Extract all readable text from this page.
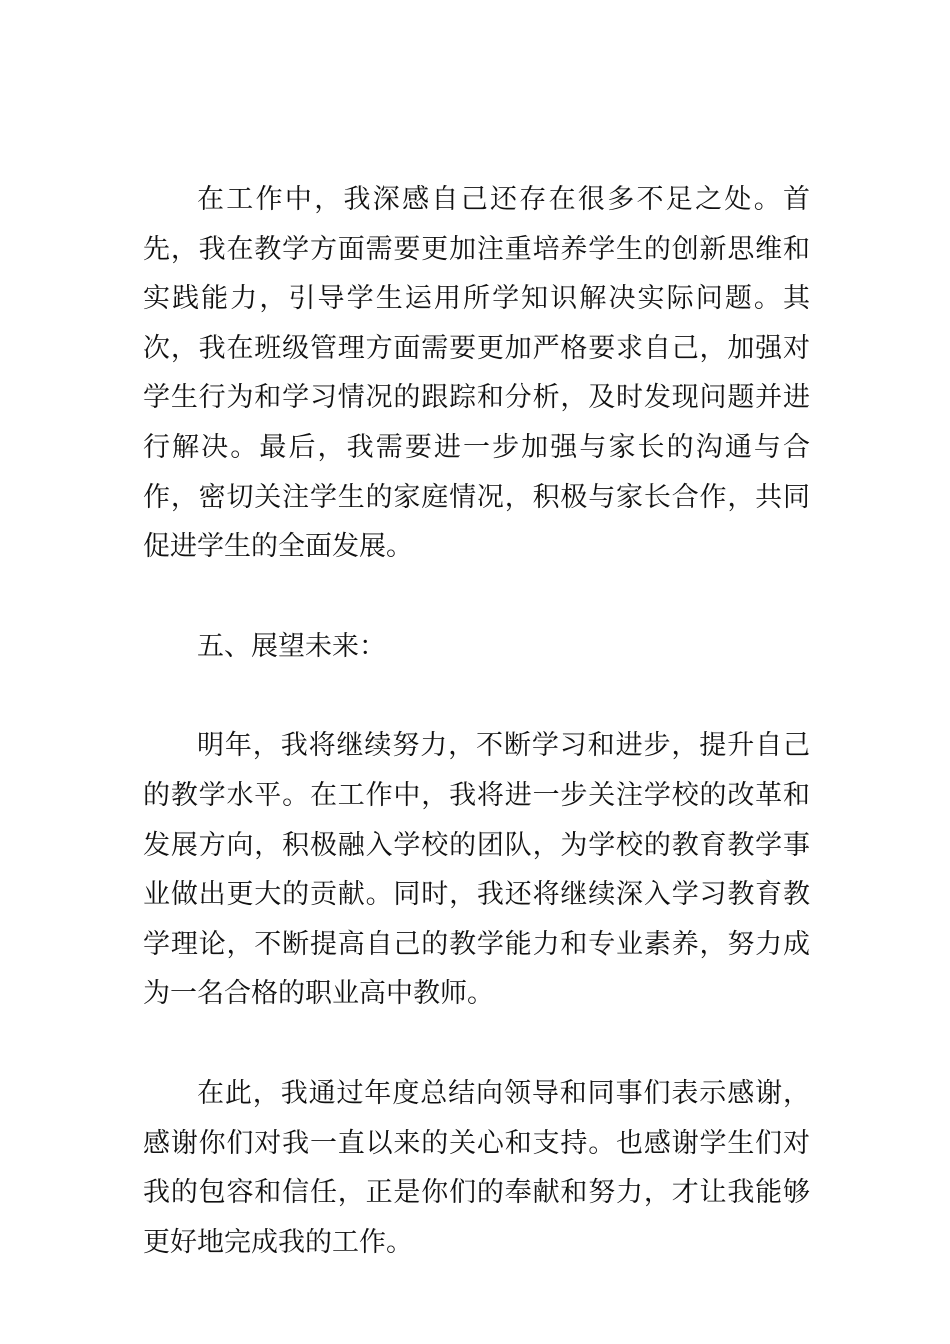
在工作中，我深感自己还存在很多不足之处。首先，我在教学方面需要更加注重培养学生的创新思维和实践能力，引导学生运用所学知识解决实际问题。其次，我在班级管理方面需要更加严格要求自己，加强对学生行为和学习情况的跟踪和分析，及时发现问题并进行解决。最后，我需要进一步加强与家长的沟通与合作，密切关注学生的家庭情况，积极与家长合作，共同促进学生的全面发展。

五、展望未来：

明年，我将继续努力，不断学习和进步，提升自己的教学水平。在工作中，我将进一步关注学校的改革和发展方向，积极融入学校的团队，为学校的教育教学事业做出更大的贡献。同时，我还将继续深入学习教育教学理论，不断提高自己的教学能力和专业素养，努力成为一名合格的职业高中教师。

在此，我通过年度总结向领导和同事们表示感谢，感谢你们对我一直以来的关心和支持。也感谢学生们对我的包容和信任，正是你们的奉献和努力，才让我能够更好地完成我的工作。
